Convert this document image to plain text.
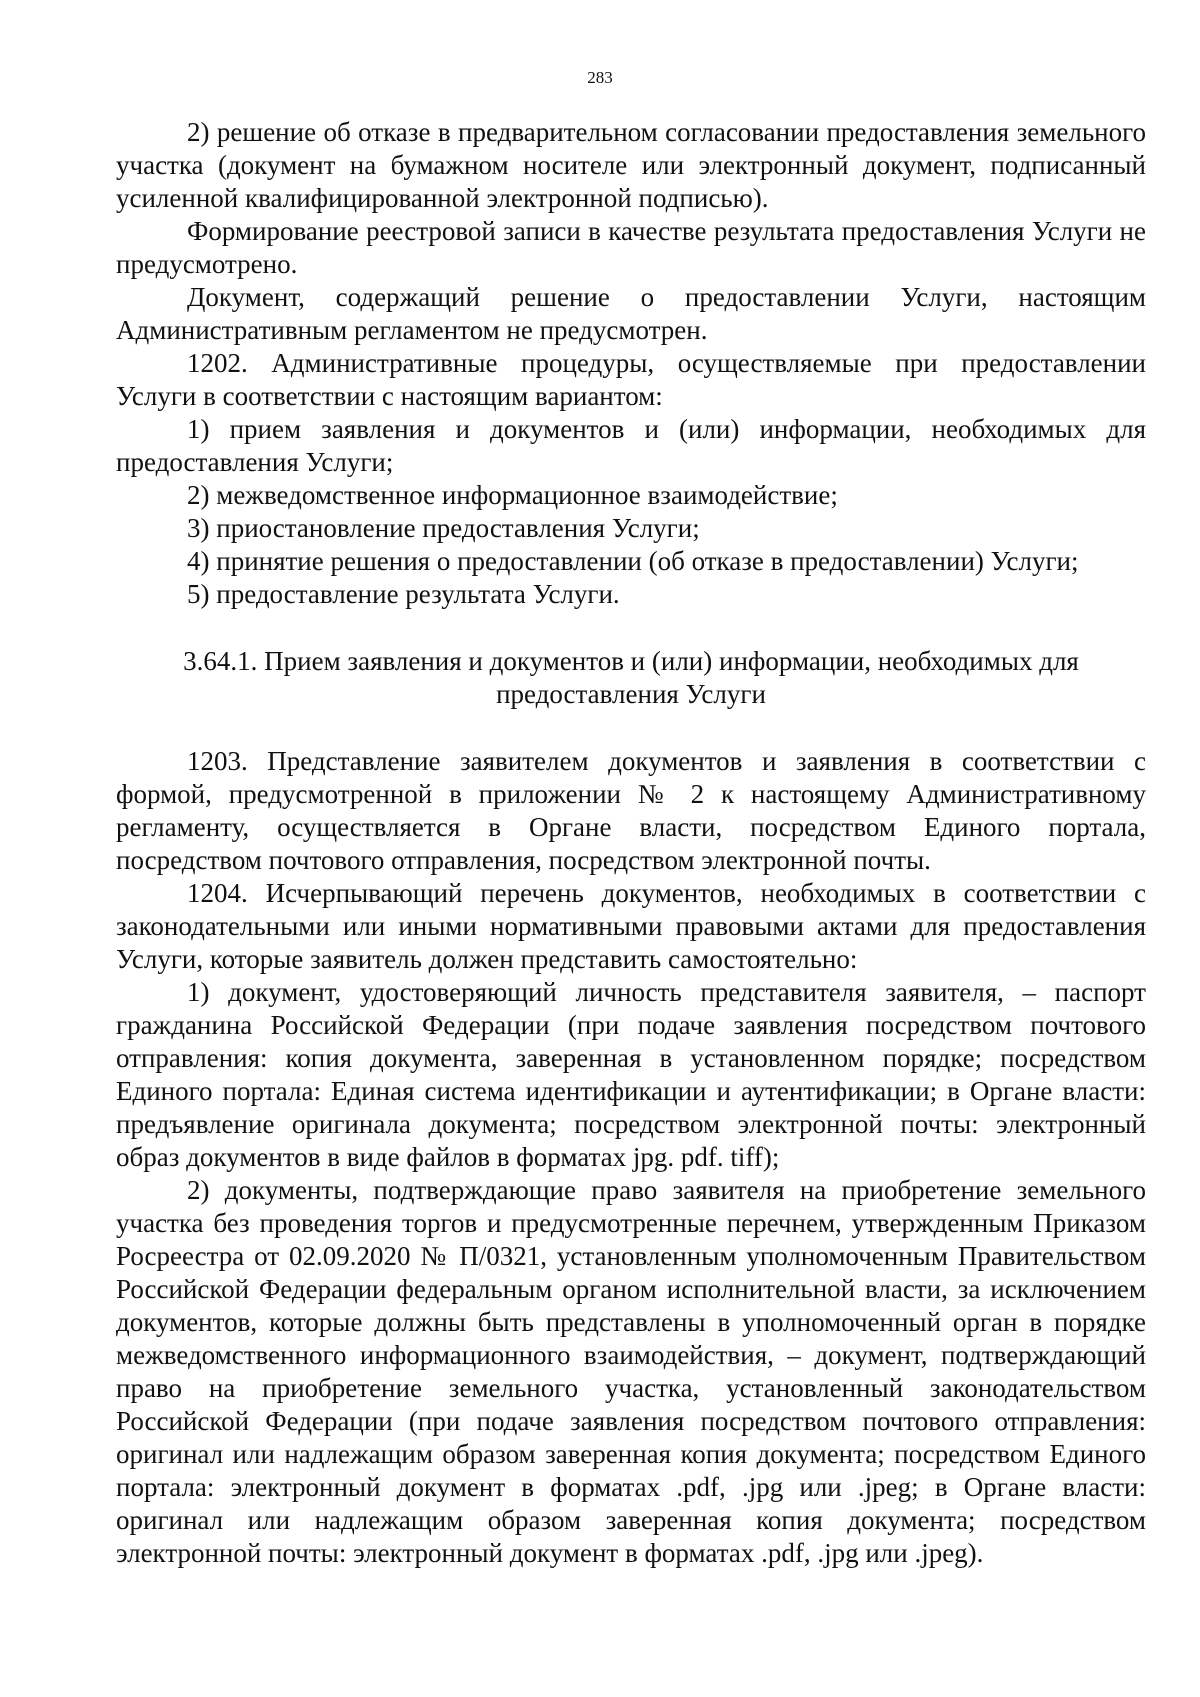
283

2) решение об отказе в предварительном согласовании предоставления земельного участка (документ на бумажном носителе или электронный документ, подписанный усиленной квалифицированной электронной подписью).

Формирование реестровой записи в качестве результата предоставления Услуги не предусмотрено.

Документ, содержащий решение о предоставлении Услуги, настоящим Административным регламентом не предусмотрен.

1202. Административные процедуры, осуществляемые при предоставлении Услуги в соответствии с настоящим вариантом:

1) прием заявления и документов и (или) информации, необходимых для предоставления Услуги;

2) межведомственное информационное взаимодействие;

3) приостановление предоставления Услуги;

4) принятие решения о предоставлении (об отказе в предоставлении) Услуги;

5) предоставление результата Услуги.

3.64.1. Прием заявления и документов и (или) информации, необходимых для предоставления Услуги

1203. Представление заявителем документов и заявления в соответствии с формой, предусмотренной в приложении № 2 к настоящему Административному регламенту, осуществляется в Органе власти, посредством Единого портала, посредством почтового отправления, посредством электронной почты.

1204. Исчерпывающий перечень документов, необходимых в соответствии с законодательными или иными нормативными правовыми актами для предоставления Услуги, которые заявитель должен представить самостоятельно:

1) документ, удостоверяющий личность представителя заявителя, – паспорт гражданина Российской Федерации (при подаче заявления посредством почтового отправления: копия документа, заверенная в установленном порядке; посредством Единого портала: Единая система идентификации и аутентификации; в Органе власти: предъявление оригинала документа; посредством электронной почты: электронный образ документов в виде файлов в форматах jpg. pdf. tiff);

2) документы, подтверждающие право заявителя на приобретение земельного участка без проведения торгов и предусмотренные перечнем, утвержденным Приказом Росреестра от 02.09.2020 № П/0321, установленным уполномоченным Правительством Российской Федерации федеральным органом исполнительной власти, за исключением документов, которые должны быть представлены в уполномоченный орган в порядке межведомственного информационного взаимодействия, – документ, подтверждающий право на приобретение земельного участка, установленный законодательством Российской Федерации (при подаче заявления посредством почтового отправления: оригинал или надлежащим образом заверенная копия документа; посредством Единого портала: электронный документ в форматах .pdf, .jpg или .jpeg; в Органе власти: оригинал или надлежащим образом заверенная копия документа; посредством электронной почты: электронный документ в форматах .pdf, .jpg или .jpeg).
